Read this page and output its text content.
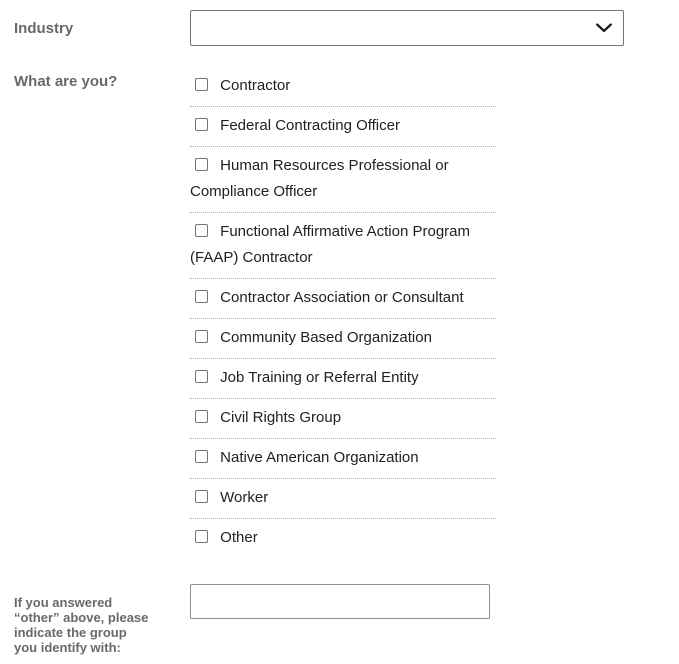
Industry
What are you?	Contractor
Federal Contracting Officer
Human Resources Professional or Compliance Officer
Functional Affirmative Action Program (FAAP) Contractor
Contractor Association or Consultant
Community Based Organization
Job Training or Referral Entity
Civil Rights Group
Native American Organization
Worker
Other
If you answered
“other” above, please
indicate the group
you identify with:
